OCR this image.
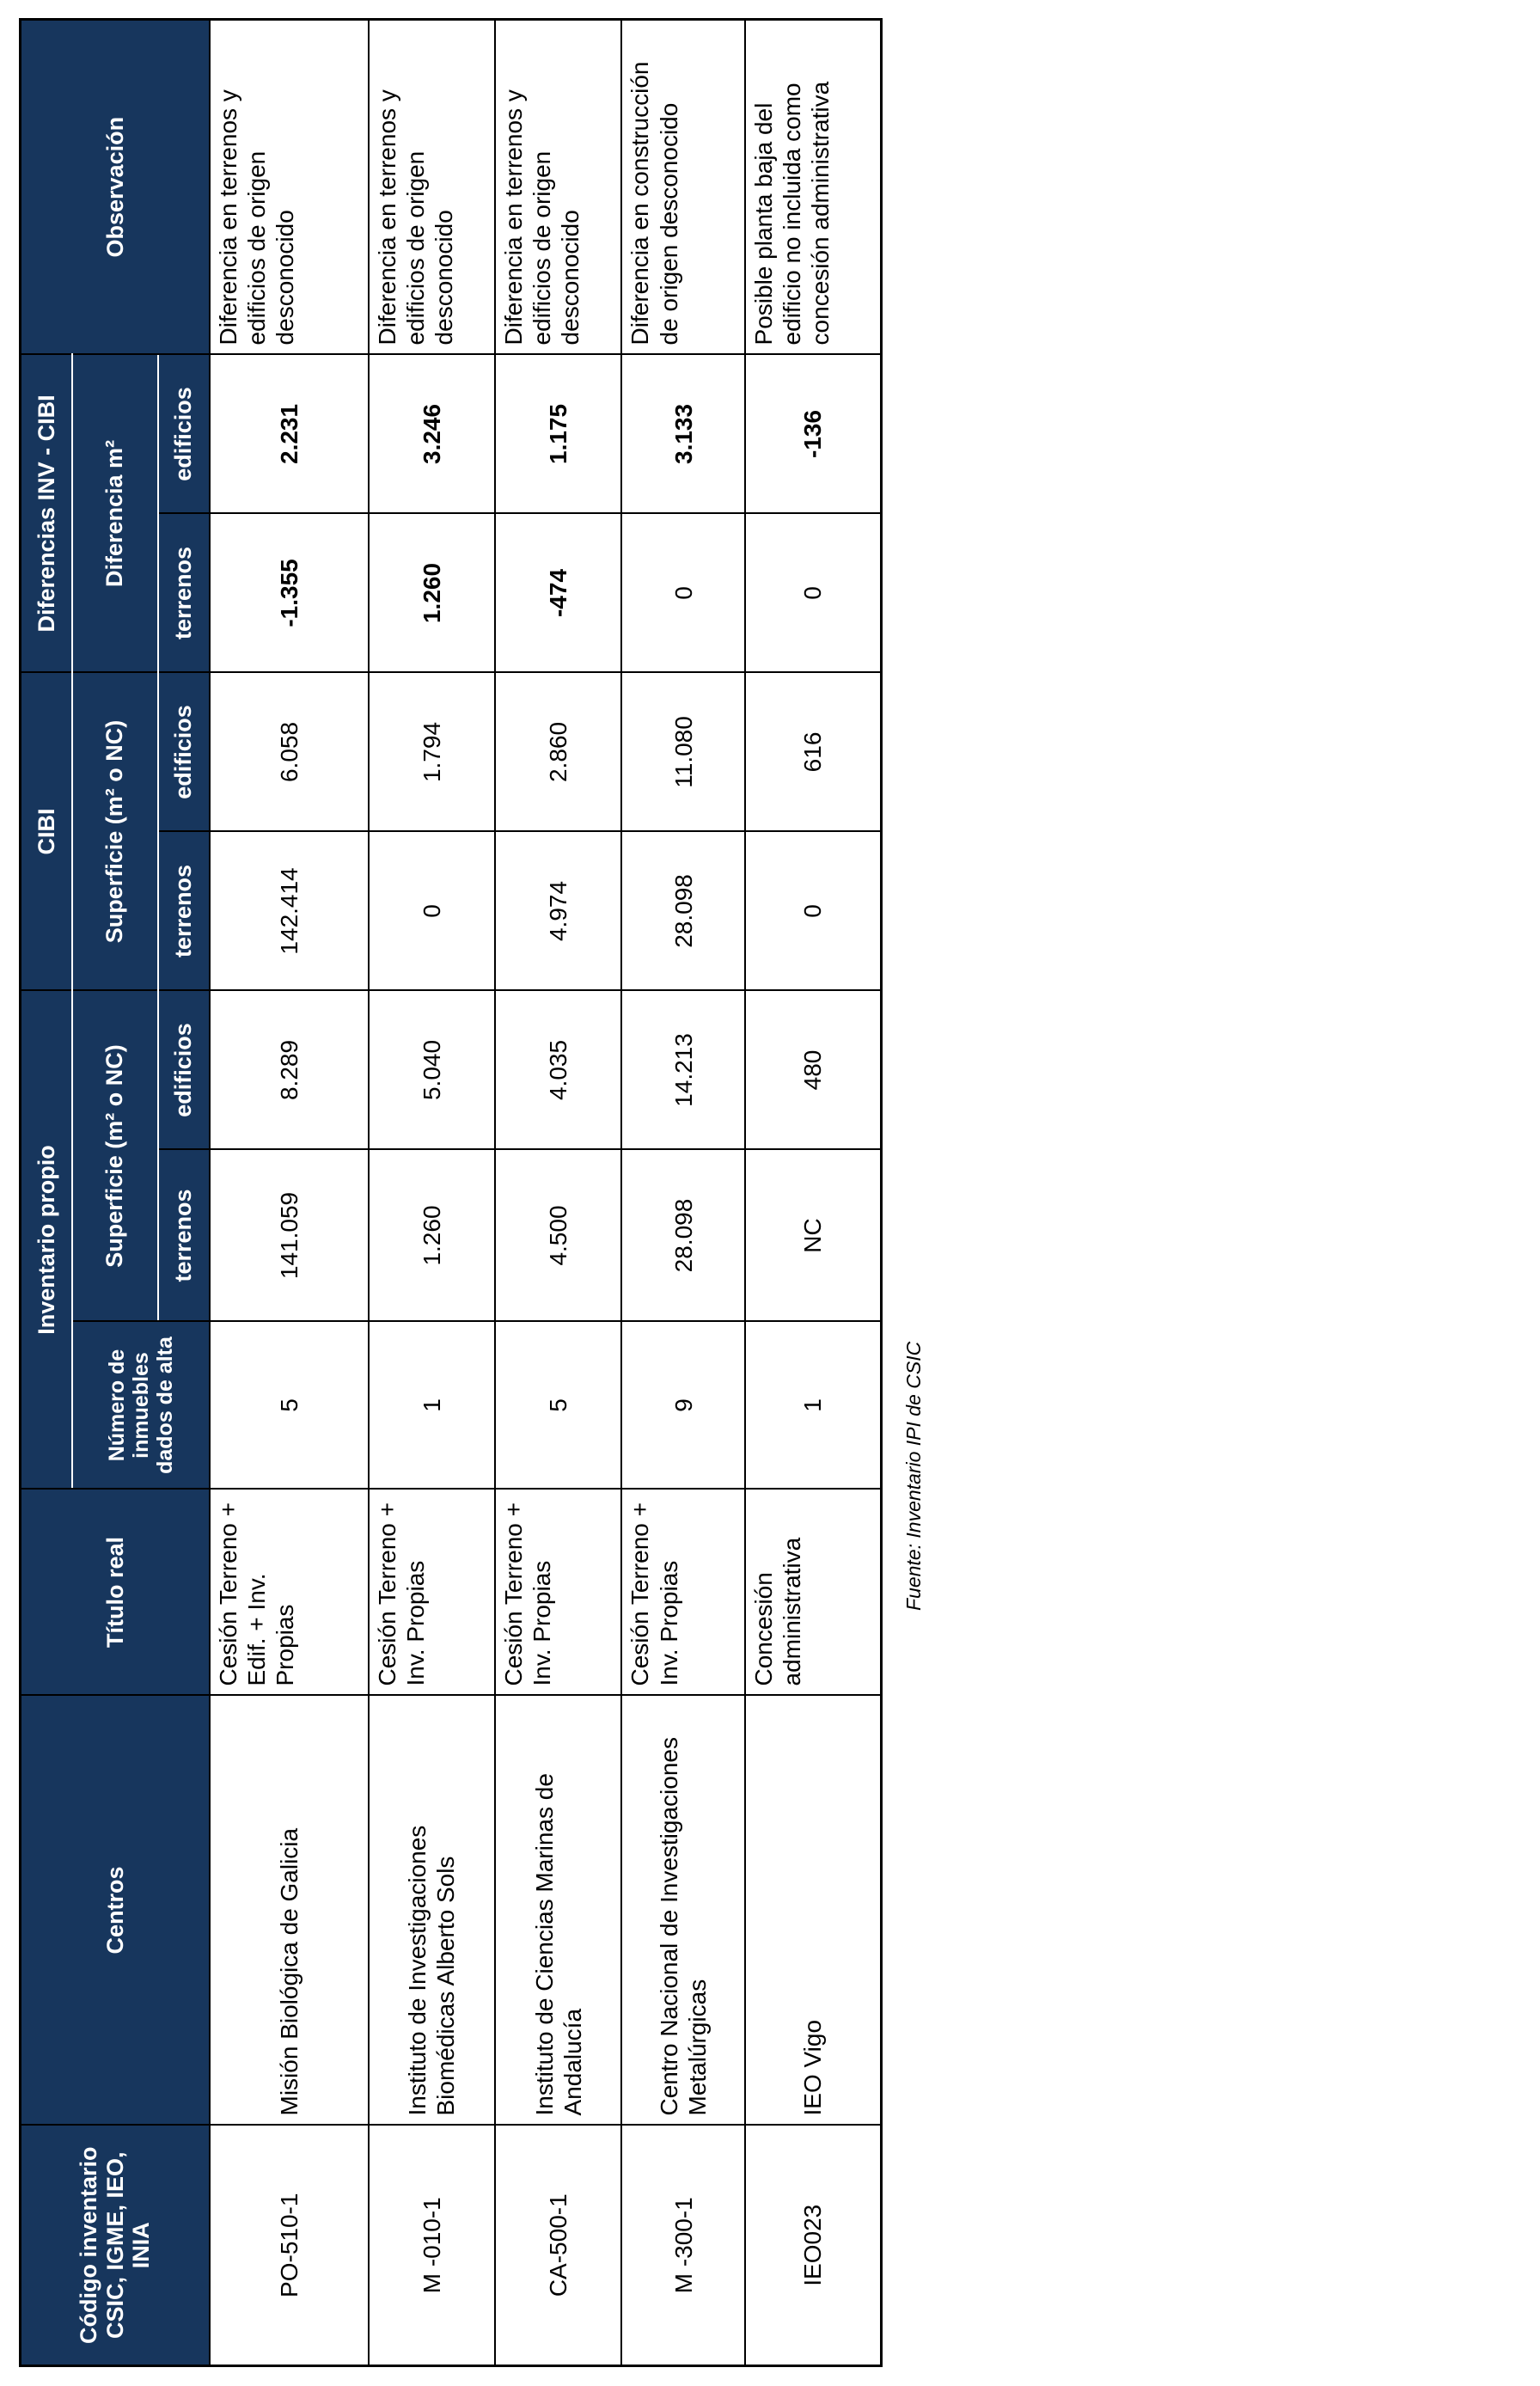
Código inventario CSIC, IGME, IEO, INIA	Centros	Título real	Inventario propio			CIBI		Diferencias INV - CIBI		Observación
			Número de inmuebles dados de alta	Superficie (m² o NC)		Superficie (m² o NC)		Diferencia m²		
				terrenos	edificios	terrenos	edificios	terrenos	edificios	
PO-510-1	Misión Biológica de Galicia	Cesión Terreno + Edif. + Inv. Propias	5	141.059	8.289	142.414	6.058	-1.355	2.231	Diferencia en terrenos y edificios de origen desconocido
M -010-1	Instituto de Investigaciones Biomédicas Alberto Sols	Cesión Terreno + Inv. Propias	1	1.260	5.040	0	1.794	1.260	3.246	Diferencia en terrenos y edificios de origen desconocido
CA-500-1	Instituto de Ciencias Marinas de Andalucía	Cesión Terreno + Inv. Propias	5	4.500	4.035	4.974	2.860	-474	1.175	Diferencia en terrenos y edificios de origen desconocido
M -300-1	Centro Nacional de Investigaciones Metalúrgicas	Cesión Terreno + Inv. Propias	9	28.098	14.213	28.098	11.080	0	3.133	Diferencia en construcción de origen desconocido
IEO023	IEO Vigo	Concesión administrativa	1	NC	480	0	616	0	-136	Posible planta baja del edificio no incluida como concesión administrativa
Fuente: Inventario IPI de CSIC
